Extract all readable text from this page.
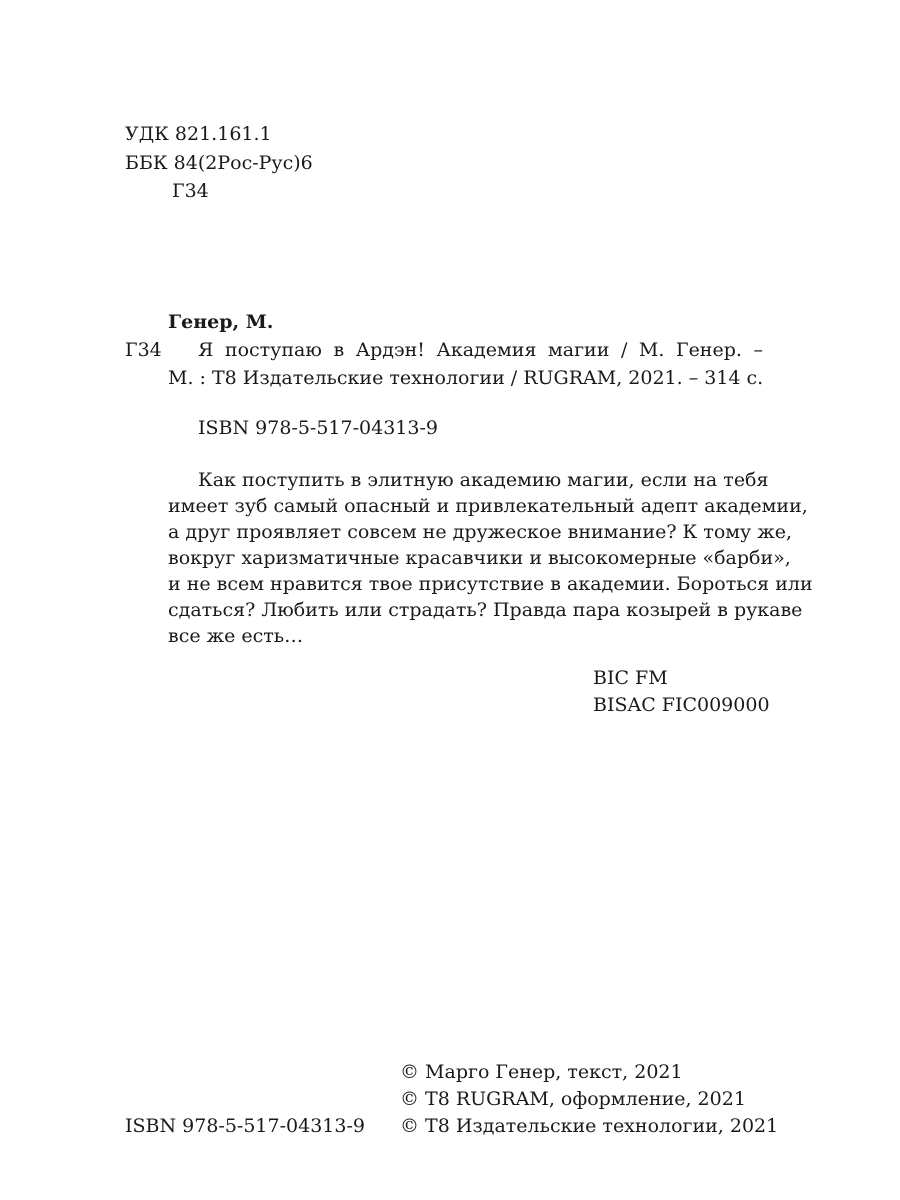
УДК 821.161.1
ББК 84(2Рос-Рус)6
Г34
Генер, М.
Г34 Я поступаю в Ардэн! Академия магии / М. Генер. –
М. : Т8 Издательские технологии / RUGRAM, 2021. – 314 с.
ISBN 978-5-517-04313-9
Как поступить в элитную академию магии, если на тебя
имеет зуб самый опасный и привлекательный адепт академии,
а друг проявляет совсем не дружеское внимание? К тому же,
вокруг харизматичные красавчики и высокомерные «барби»,
и не всем нравится твое присутствие в академии. Бороться или
сдаться? Любить или страдать? Правда пара козырей в рукаве
все же есть…
BIC FM
BISAC FIC009000
© Марго Генер, текст, 2021
© Т8 RUGRAM, оформление, 2021
ISBN 978-5-517-04313-9 © Т8 Издательские технологии, 2021
